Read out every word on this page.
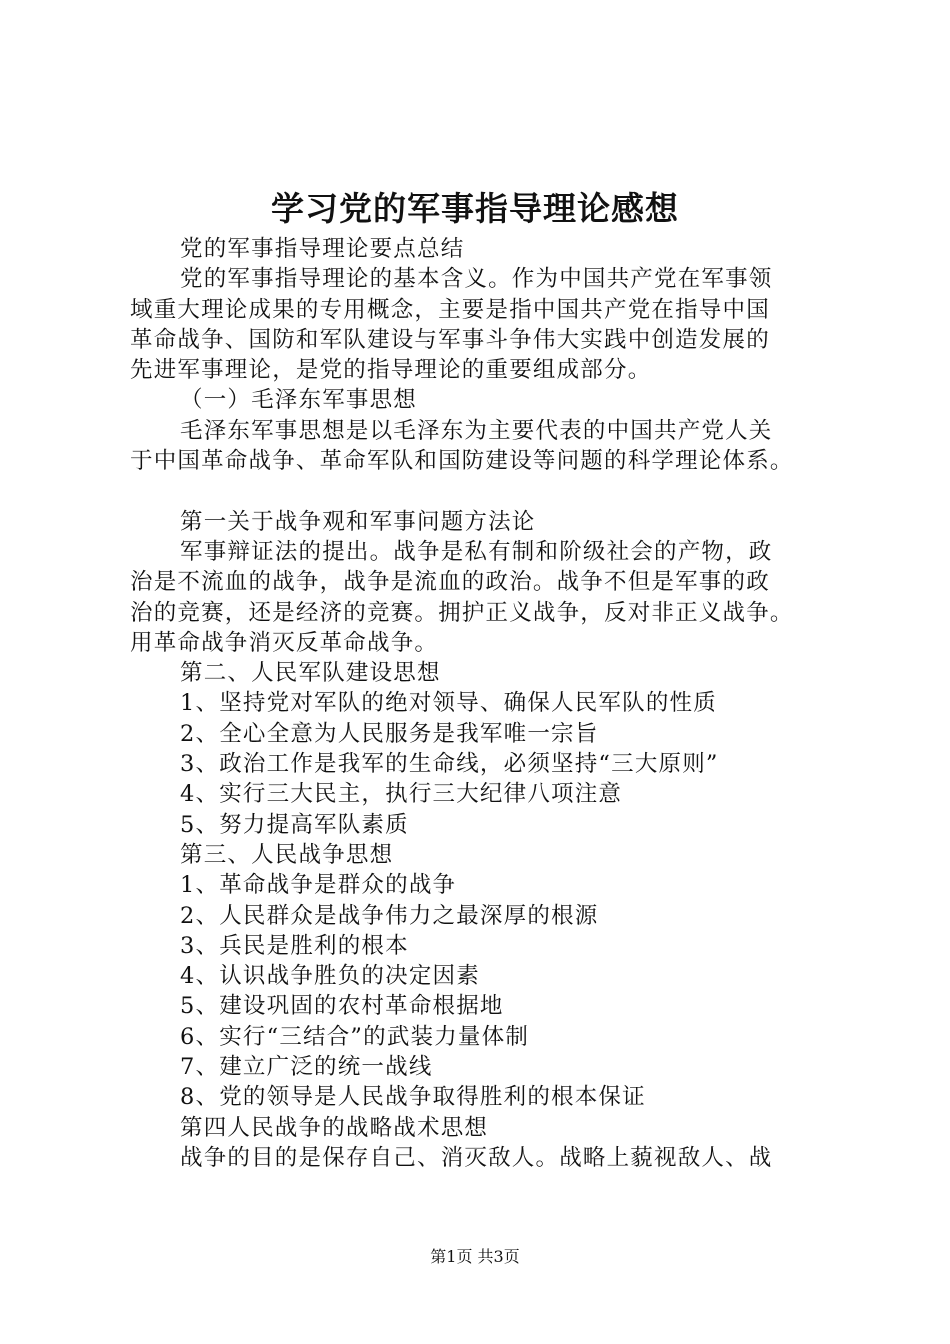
学习党的军事指导理论感想

党的军事指导理论要点总结

党的军事指导理论的基本含义。作为中国共产党在军事领

域重大理论成果的专用概念，主要是指中国共产党在指导中国

革命战争、国防和军队建设与军事斗争伟大实践中创造发展的

先进军事理论，是党的指导理论的重要组成部分。

（一）毛泽东军事思想

毛泽东军事思想是以毛泽东为主要代表的中国共产党人关

于中国革命战争、革命军队和国防建设等问题的科学理论体系。

第一关于战争观和军事问题方法论

军事辩证法的提出。战争是私有制和阶级社会的产物，政

治是不流血的战争，战争是流血的政治。战争不但是军事的政

治的竞赛，还是经济的竞赛。拥护正义战争，反对非正义战争。

用革命战争消灭反革命战争。

第二、人民军队建设思想

1、坚持党对军队的绝对领导、确保人民军队的性质

2、全心全意为人民服务是我军唯一宗旨

3、政治工作是我军的生命线，必须坚持“三大原则”

4、实行三大民主，执行三大纪律八项注意

5、努力提高军队素质

第三、人民战争思想

1、革命战争是群众的战争

2、人民群众是战争伟力之最深厚的根源

3、兵民是胜利的根本

4、认识战争胜负的决定因素

5、建设巩固的农村革命根据地

6、实行“三结合”的武装力量体制

7、建立广泛的统一战线

8、党的领导是人民战争取得胜利的根本保证

第四人民战争的战略战术思想

战争的目的是保存自己、消灭敌人。战略上藐视敌人、战

第1页 共3页
